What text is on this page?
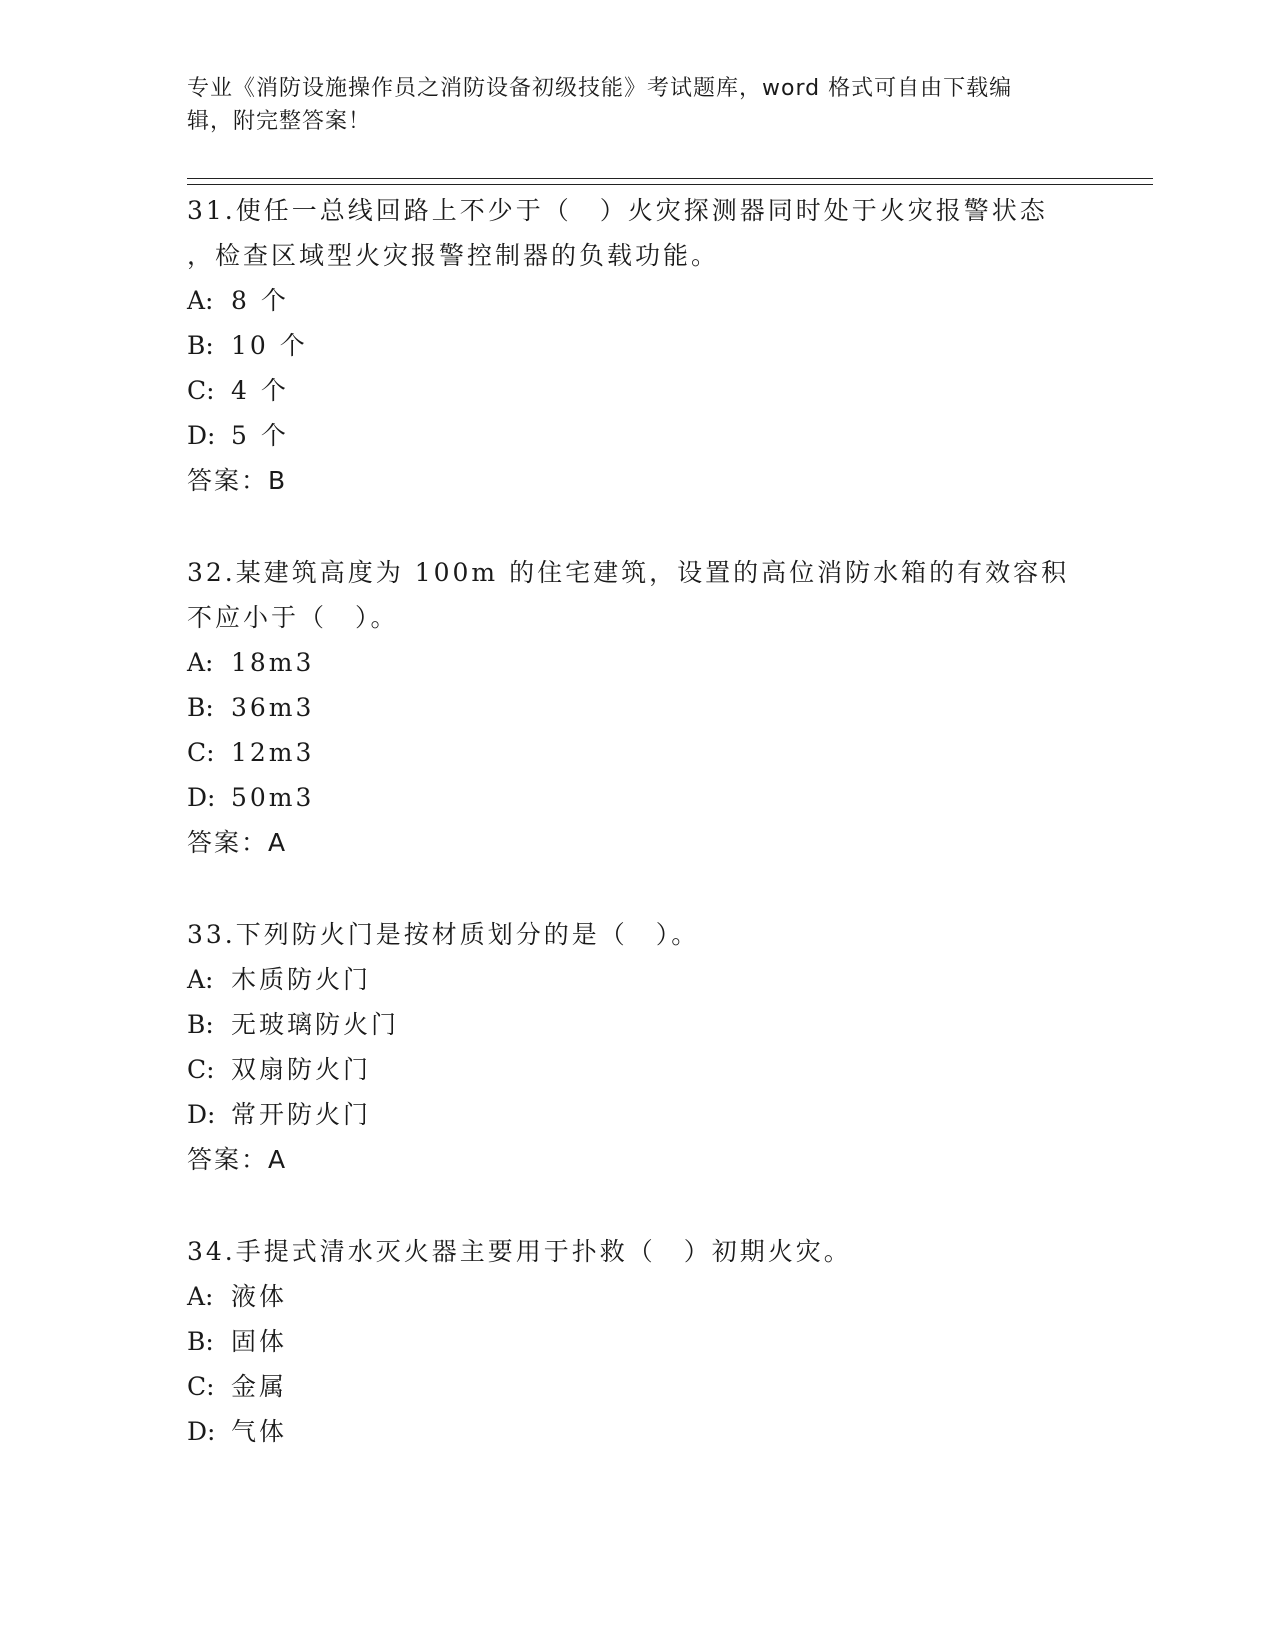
专业《消防设施操作员之消防设备初级技能》考试题库，word 格式可自由下载编
辑，附完整答案！

31.使任一总线回路上不少于（　）火灾探测器同时处于火灾报警状态
，检查区域型火灾报警控制器的负载功能。

A: 8 个
B: 10 个
C: 4 个
D: 5 个
答案：B

32.某建筑高度为 100m 的住宅建筑，设置的高位消防水箱的有效容积
不应小于（　）。

A: 18m3
B: 36m3
C: 12m3
D: 50m3
答案：A

33.下列防火门是按材质划分的是（　）。

A: 木质防火门
B: 无玻璃防火门
C: 双扇防火门
D: 常开防火门
答案：A

34.手提式清水灭火器主要用于扑救（　）初期火灾。

A: 液体
B: 固体
C: 金属
D: 气体
